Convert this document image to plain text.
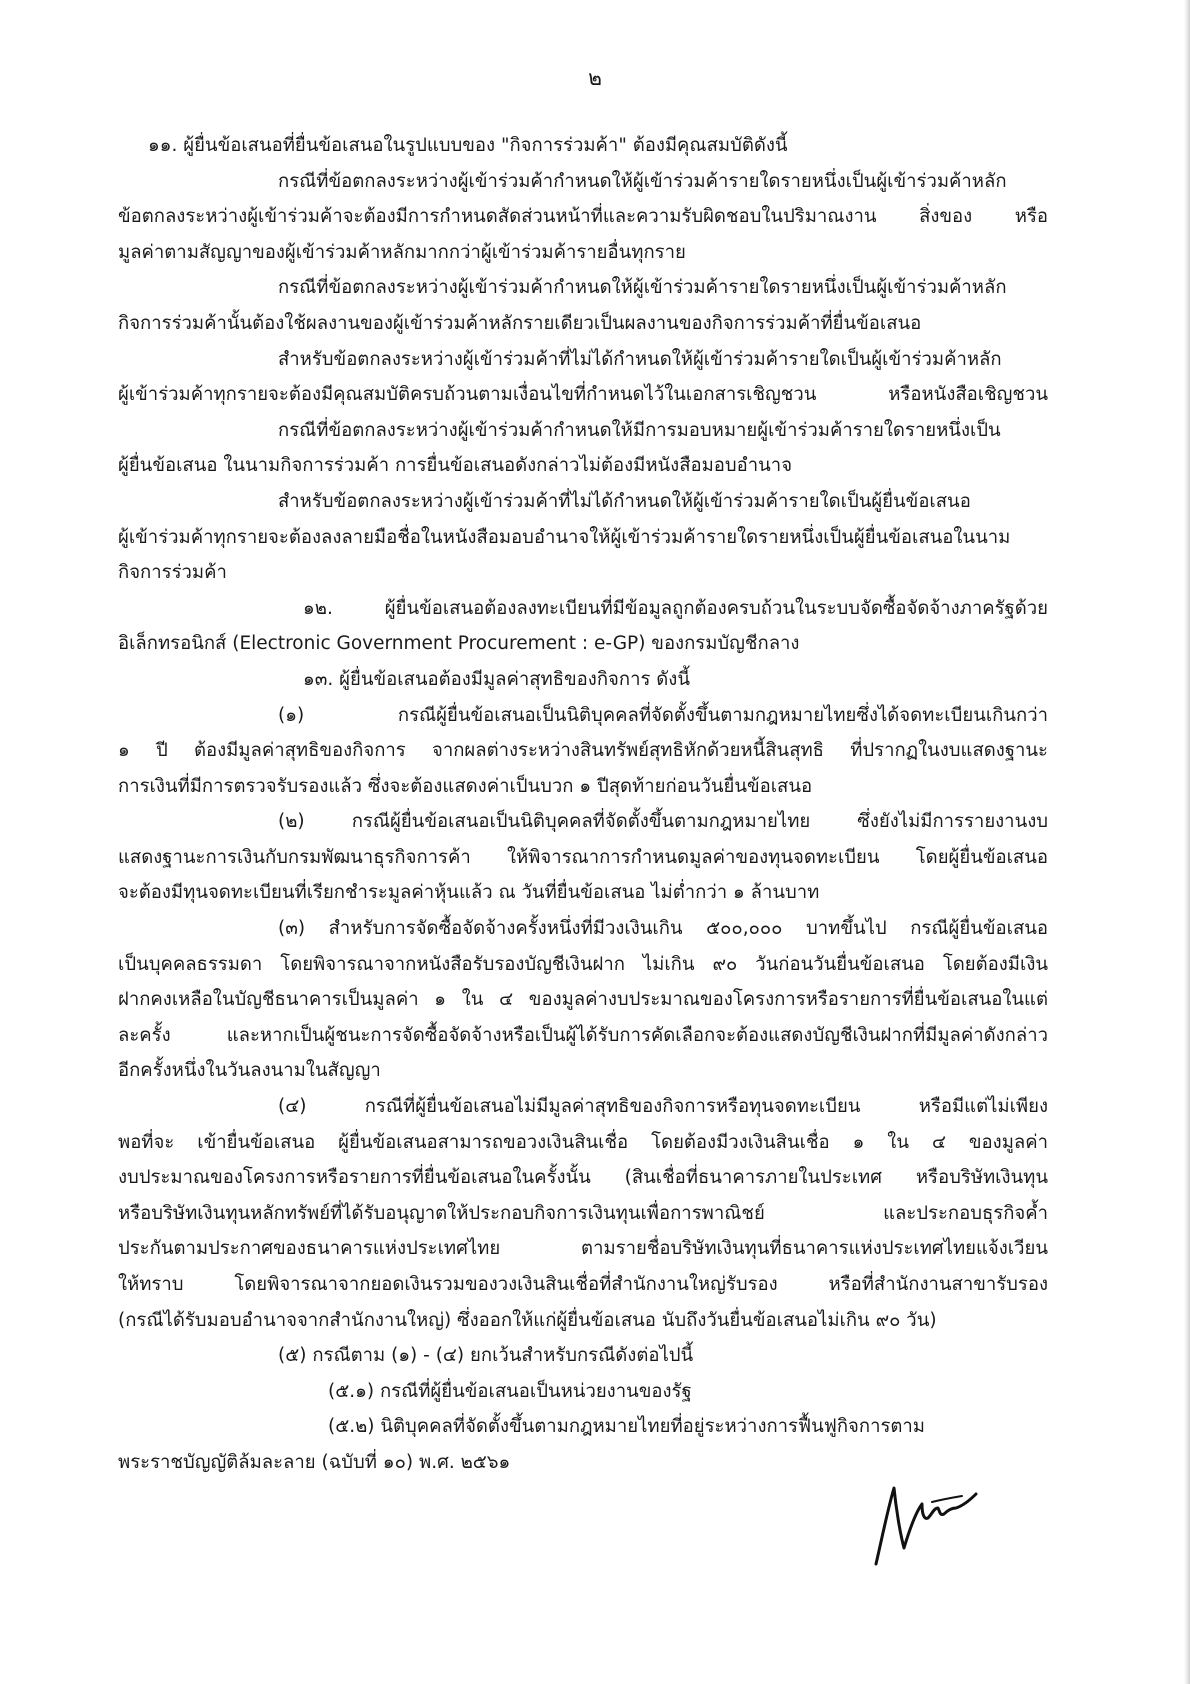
๒

๑๑. ผู้ยื่นข้อเสนอที่ยื่นข้อเสนอในรูปแบบของ "กิจการร่วมค้า" ต้องมีคุณสมบัติดังนี้

กรณีที่ข้อตกลงระหว่างผู้เข้าร่วมค้ากำหนดให้ผู้เข้าร่วมค้ารายใดรายหนึ่งเป็นผู้เข้าร่วมค้าหลัก

ข้อตกลงระหว่างผู้เข้าร่วมค้าจะต้องมีการกำหนดสัดส่วนหน้าที่และความรับผิดชอบในปริมาณงาน สิ่งของ หรือ

มูลค่าตามสัญญาของผู้เข้าร่วมค้าหลักมากกว่าผู้เข้าร่วมค้ารายอื่นทุกราย

กรณีที่ข้อตกลงระหว่างผู้เข้าร่วมค้ากำหนดให้ผู้เข้าร่วมค้ารายใดรายหนึ่งเป็นผู้เข้าร่วมค้าหลัก

กิจการร่วมค้านั้นต้องใช้ผลงานของผู้เข้าร่วมค้าหลักรายเดียวเป็นผลงานของกิจการร่วมค้าที่ยื่นข้อเสนอ

สำหรับข้อตกลงระหว่างผู้เข้าร่วมค้าที่ไม่ได้กำหนดให้ผู้เข้าร่วมค้ารายใดเป็นผู้เข้าร่วมค้าหลัก

ผู้เข้าร่วมค้าทุกรายจะต้องมีคุณสมบัติครบถ้วนตามเงื่อนไขที่กำหนดไว้ในเอกสารเชิญชวน หรือหนังสือเชิญชวน

กรณีที่ข้อตกลงระหว่างผู้เข้าร่วมค้ากำหนดให้มีการมอบหมายผู้เข้าร่วมค้ารายใดรายหนึ่งเป็น

ผู้ยื่นข้อเสนอ ในนามกิจการร่วมค้า การยื่นข้อเสนอดังกล่าวไม่ต้องมีหนังสือมอบอำนาจ

สำหรับข้อตกลงระหว่างผู้เข้าร่วมค้าที่ไม่ได้กำหนดให้ผู้เข้าร่วมค้ารายใดเป็นผู้ยื่นข้อเสนอ

ผู้เข้าร่วมค้าทุกรายจะต้องลงลายมือชื่อในหนังสือมอบอำนาจให้ผู้เข้าร่วมค้ารายใดรายหนึ่งเป็นผู้ยื่นข้อเสนอในนาม

กิจการร่วมค้า

๑๒. ผู้ยื่นข้อเสนอต้องลงทะเบียนที่มีข้อมูลถูกต้องครบถ้วนในระบบจัดซื้อจัดจ้างภาครัฐด้วย

อิเล็กทรอนิกส์ (Electronic Government Procurement : e-GP) ของกรมบัญชีกลาง

๑๓. ผู้ยื่นข้อเสนอต้องมีมูลค่าสุทธิของกิจการ ดังนี้

(๑) กรณีผู้ยื่นข้อเสนอเป็นนิติบุคคลที่จัดตั้งขึ้นตามกฎหมายไทยซึ่งได้จดทะเบียนเกินกว่า

๑ ปี ต้องมีมูลค่าสุทธิของกิจการ จากผลต่างระหว่างสินทรัพย์สุทธิหักด้วยหนี้สินสุทธิ ที่ปรากฏในงบแสดงฐานะ

การเงินที่มีการตรวจรับรองแล้ว ซึ่งจะต้องแสดงค่าเป็นบวก ๑ ปีสุดท้ายก่อนวันยื่นข้อเสนอ

(๒) กรณีผู้ยื่นข้อเสนอเป็นนิติบุคคลที่จัดตั้งขึ้นตามกฎหมายไทย ซึ่งยังไม่มีการรายงานงบ

แสดงฐานะการเงินกับกรมพัฒนาธุรกิจการค้า ให้พิจารณาการกำหนดมูลค่าของทุนจดทะเบียน โดยผู้ยื่นข้อเสนอ

จะต้องมีทุนจดทะเบียนที่เรียกชำระมูลค่าหุ้นแล้ว ณ วันที่ยื่นข้อเสนอ ไม่ต่ำกว่า ๑ ล้านบาท

(๓) สำหรับการจัดซื้อจัดจ้างครั้งหนึ่งที่มีวงเงินเกิน ๕๐๐,๐๐๐ บาทขึ้นไป กรณีผู้ยื่นข้อเสนอ

เป็นบุคคลธรรมดา โดยพิจารณาจากหนังสือรับรองบัญชีเงินฝาก ไม่เกิน ๙๐ วันก่อนวันยื่นข้อเสนอ โดยต้องมีเงิน

ฝากคงเหลือในบัญชีธนาคารเป็นมูลค่า ๑ ใน ๔ ของมูลค่างบประมาณของโครงการหรือรายการที่ยื่นข้อเสนอในแต่

ละครั้ง และหากเป็นผู้ชนะการจัดซื้อจัดจ้างหรือเป็นผู้ได้รับการคัดเลือกจะต้องแสดงบัญชีเงินฝากที่มีมูลค่าดังกล่าว

อีกครั้งหนึ่งในวันลงนามในสัญญา

(๔) กรณีที่ผู้ยื่นข้อเสนอไม่มีมูลค่าสุทธิของกิจการหรือทุนจดทะเบียน หรือมีแต่ไม่เพียง

พอที่จะ เข้ายื่นข้อเสนอ ผู้ยื่นข้อเสนอสามารถขอวงเงินสินเชื่อ โดยต้องมีวงเงินสินเชื่อ ๑ ใน ๔ ของมูลค่า

งบประมาณของโครงการหรือรายการที่ยื่นข้อเสนอในครั้งนั้น (สินเชื่อที่ธนาคารภายในประเทศ หรือบริษัทเงินทุน

หรือบริษัทเงินทุนหลักทรัพย์ที่ได้รับอนุญาตให้ประกอบกิจการเงินทุนเพื่อการพาณิชย์ และประกอบธุรกิจค้ำ

ประกันตามประกาศของธนาคารแห่งประเทศไทย ตามรายชื่อบริษัทเงินทุนที่ธนาคารแห่งประเทศไทยแจ้งเวียน

ให้ทราบ โดยพิจารณาจากยอดเงินรวมของวงเงินสินเชื่อที่สำนักงานใหญ่รับรอง หรือที่สำนักงานสาขารับรอง

(กรณีได้รับมอบอำนาจจากสำนักงานใหญ่) ซึ่งออกให้แก่ผู้ยื่นข้อเสนอ นับถึงวันยื่นข้อเสนอไม่เกิน ๙๐ วัน)

(๕) กรณีตาม (๑) - (๔) ยกเว้นสำหรับกรณีดังต่อไปนี้

(๕.๑) กรณีที่ผู้ยื่นข้อเสนอเป็นหน่วยงานของรัฐ

(๕.๒) นิติบุคคลที่จัดตั้งขึ้นตามกฎหมายไทยที่อยู่ระหว่างการฟื้นฟูกิจการตาม

พระราชบัญญัติล้มละลาย (ฉบับที่ ๑๐) พ.ศ. ๒๕๖๑
